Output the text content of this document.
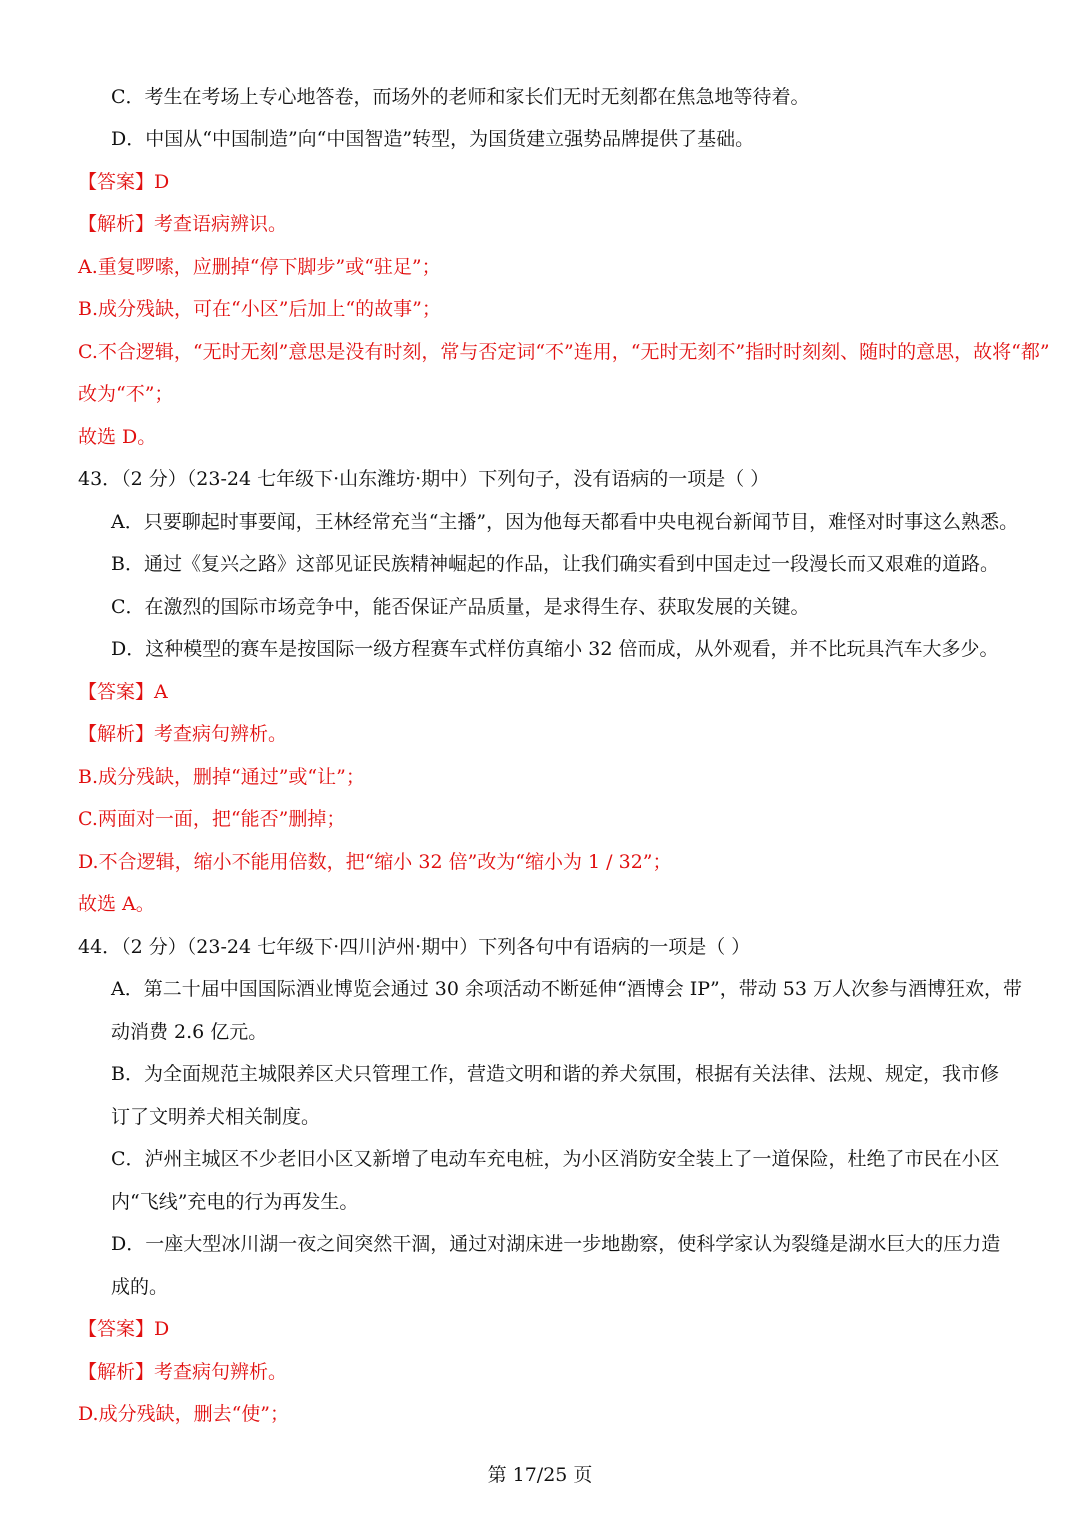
C．考生在考场上专心地答卷，而场外的老师和家长们无时无刻都在焦急地等待着。
D．中国从“中国制造”向“中国智造”转型，为国货建立强势品牌提供了基础。
【答案】D
【解析】考查语病辨识。
A.重复啰嗦，应删掉“停下脚步”或“驻足”；
B.成分残缺，可在“小区”后加上“的故事”；
C.不合逻辑，“无时无刻”意思是没有时刻，常与否定词“不”连用，“无时无刻不”指时时刻刻、随时的意思，故将“都”
改为“不”；
故选 D。
43．（2 分）（23-24 七年级下·山东潍坊·期中）下列句子，没有语病的一项是（ ）
A．只要聊起时事要闻，王林经常充当“主播”，因为他每天都看中央电视台新闻节目，难怪对时事这么熟悉。
B．通过《复兴之路》这部见证民族精神崛起的作品，让我们确实看到中国走过一段漫长而又艰难的道路。
C．在激烈的国际市场竞争中，能否保证产品质量，是求得生存、获取发展的关键。
D．这种模型的赛车是按国际一级方程赛车式样仿真缩小 32 倍而成，从外观看，并不比玩具汽车大多少。
【答案】A
【解析】考查病句辨析。
B.成分残缺，删掉“通过”或“让”；
C.两面对一面，把“能否”删掉；
D.不合逻辑，缩小不能用倍数，把“缩小 32 倍”改为“缩小为 1 / 32”；
故选 A。
44．（2 分）（23-24 七年级下·四川泸州·期中）下列各句中有语病的一项是（ ）
A．第二十届中国国际酒业博览会通过 30 余项活动不断延伸“酒博会 IP”，带动 53 万人次参与酒博狂欢，带
动消费 2.6 亿元。
B．为全面规范主城限养区犬只管理工作，营造文明和谐的养犬氛围，根据有关法律、法规、规定，我市修
订了文明养犬相关制度。
C．泸州主城区不少老旧小区又新增了电动车充电桩，为小区消防安全装上了一道保险，杜绝了市民在小区
内“飞线”充电的行为再发生。
D．一座大型冰川湖一夜之间突然干涸，通过对湖床进一步地勘察，使科学家认为裂缝是湖水巨大的压力造
成的。
【答案】D
【解析】考查病句辨析。
D.成分残缺，删去“使”；
第 17/25 页
